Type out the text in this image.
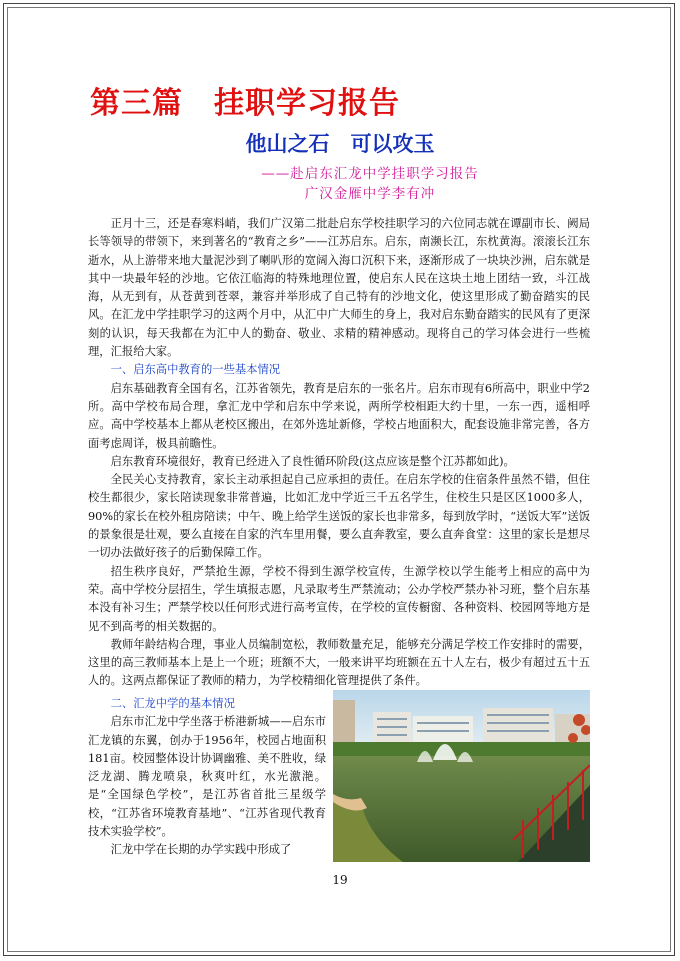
第三篇　挂职学习报告
他山之石　可以攻玉
——赴启东汇龙中学挂职学习报告
广汉金雁中学李有冲

正月十三，还是春寒料峭，我们广汉第二批赴启东学校挂职学习的六位同志就在谭副市长、阙局长等领导的带领下，来到著名的“教育之乡”——江苏启东。启东，南濒长江，东枕黄海。滚滚长江东逝水，从上游带来地大量泥沙到了喇叭形的宽阔入海口沉积下来，逐渐形成了一块块沙洲，启东就是其中一块最年轻的沙地。它依江临海的特殊地理位置，使启东人民在这块土地上团结一致，斗江战海，从无到有，从苍黄到苍翠，兼容并举形成了自己特有的沙地文化，使这里形成了勤奋踏实的民风。在汇龙中学挂职学习的这两个月中，从汇中广大师生的身上，我对启东勤奋踏实的民风有了更深刻的认识，每天我都在为汇中人的勤奋、敬业、求精的精神感动。现将自己的学习体会进行一些梳理，汇报给大家。

一、启东高中教育的一些基本情况

启东基础教育全国有名，江苏省领先，教育是启东的一张名片。启东市现有6所高中，职业中学2所。高中学校布局合理，拿汇龙中学和启东中学来说，两所学校相距大约十里，一东一西，遥相呼应。高中学校基本上都从老校区搬出，在郊外选址新修，学校占地面积大，配套设施非常完善，各方面考虑周详，极具前瞻性。

启东教育环境很好，教育已经进入了良性循环阶段(这点应该是整个江苏都如此)。

全民关心支持教育，家长主动承担起自己应承担的责任。在启东学校的住宿条件虽然不错，但住校生都很少，家长陪读现象非常普遍，比如汇龙中学近三千五名学生，住校生只是区区1000多人，90%的家长在校外租房陪读；中午、晚上给学生送饭的家长也非常多，每到放学时，“送饭大军”送饭的景象很是壮观，要么直接在自家的汽车里用餐，要么直奔教室，要么直奔食堂：这里的家长是想尽一切办法做好孩子的后勤保障工作。

招生秩序良好，严禁抢生源，学校不得到生源学校宣传，生源学校以学生能考上相应的高中为荣。高中学校分层招生，学生填报志愿，凡录取考生严禁流动；公办学校严禁办补习班，整个启东基本没有补习生；严禁学校以任何形式进行高考宣传，在学校的宣传橱窗、各种资料、校园网等地方是见不到高考的相关数据的。

教师年龄结构合理，事业人员编制宽松，教师数量充足，能够充分满足学校工作安排时的需要，这里的高三教师基本上是上一个班；班额不大，一般来讲平均班额在五十人左右，极少有超过五十五人的。这两点都保证了教师的精力，为学校精细化管理提供了条件。

二、汇龙中学的基本情况

启东市汇龙中学坐落于桥港新城——启东市汇龙镇的东翼，创办于1956年，校园占地面积181亩。校园整体设计协调幽雅、美不胜收，绿泛龙湖、腾龙喷泉，秋爽叶红，水光激滟。是“全国绿色学校”，是江苏省首批三星级学校，“江苏省环境教育基地”、“江苏省现代教育技术实验学校”。

汇龙中学在长期的办学实践中形成了

19
